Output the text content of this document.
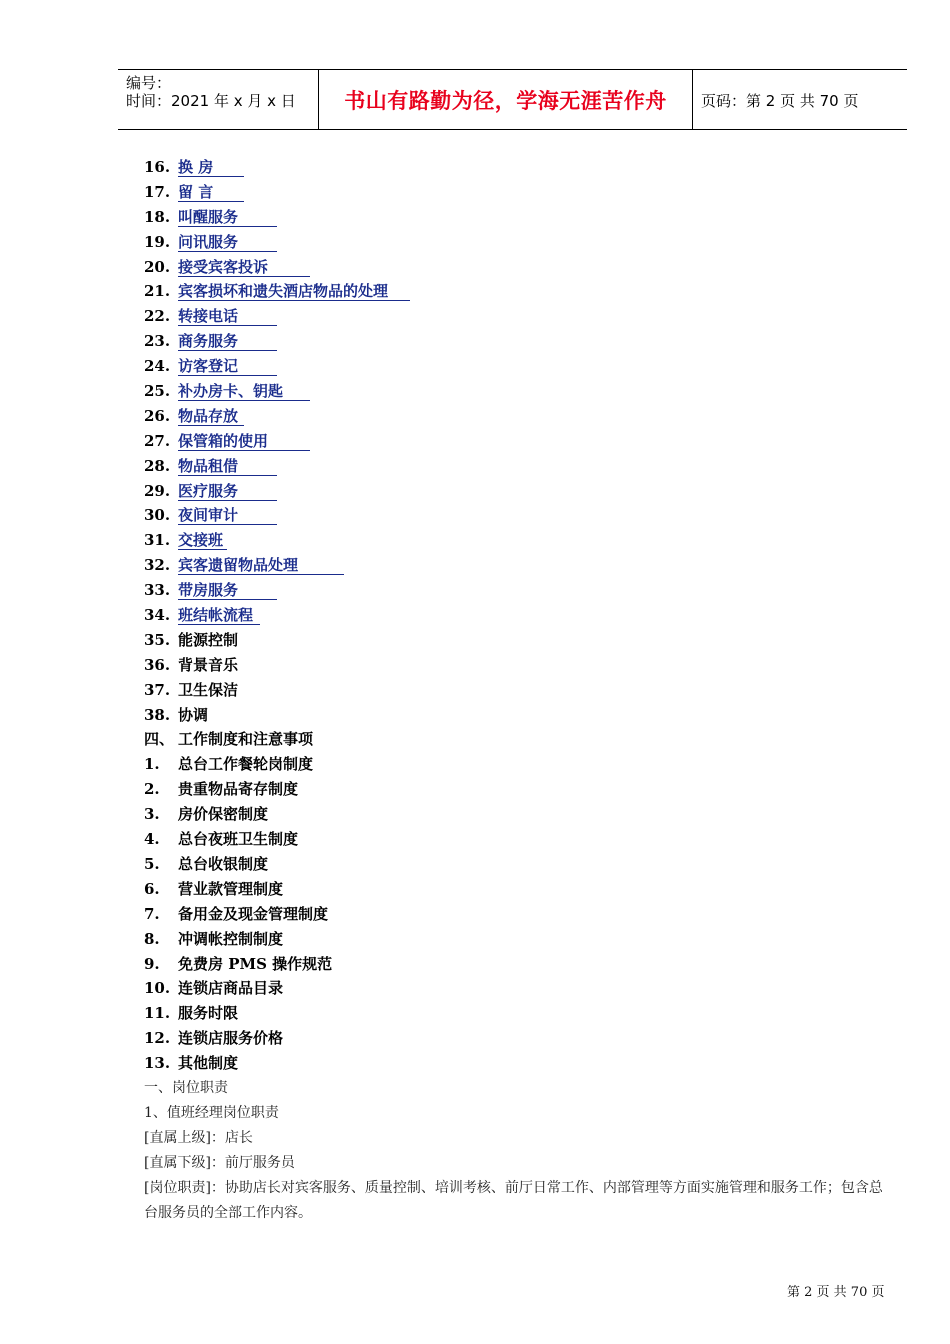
编号：
时间：2021 年 x 月 x 日	书山有路勤为径，学海无涯苦作舟	页码：第 2 页 共 70 页
16. 换 房
17. 留 言
18. 叫醒服务
19. 问讯服务
20. 接受宾客投诉
21. 宾客损坏和遗失酒店物品的处理
22. 转接电话
23. 商务服务
24. 访客登记
25. 补办房卡、钥匙
26. 物品存放
27. 保管箱的使用
28. 物品租借
29. 医疗服务
30. 夜间审计
31. 交接班
32. 宾客遗留物品处理
33. 带房服务
34. 班结帐流程
35. 能源控制
36. 背景音乐
37. 卫生保洁
38. 协调
四、 工作制度和注意事项
1. 总台工作餐轮岗制度
2. 贵重物品寄存制度
3. 房价保密制度
4. 总台夜班卫生制度
5. 总台收银制度
6. 营业款管理制度
7. 备用金及现金管理制度
8. 冲调帐控制制度
9. 免费房 PMS 操作规范
10. 连锁店商品目录
11. 服务时限
12. 连锁店服务价格
13. 其他制度
一、岗位职责
1、值班经理岗位职责
[直属上级]：店长
[直属下级]：前厅服务员
[岗位职责]：协助店长对宾客服务、质量控制、培训考核、前厅日常工作、内部管理等方面实施管理和服务工作；包含总台服务员的全部工作内容。
第 2 页 共 70 页
